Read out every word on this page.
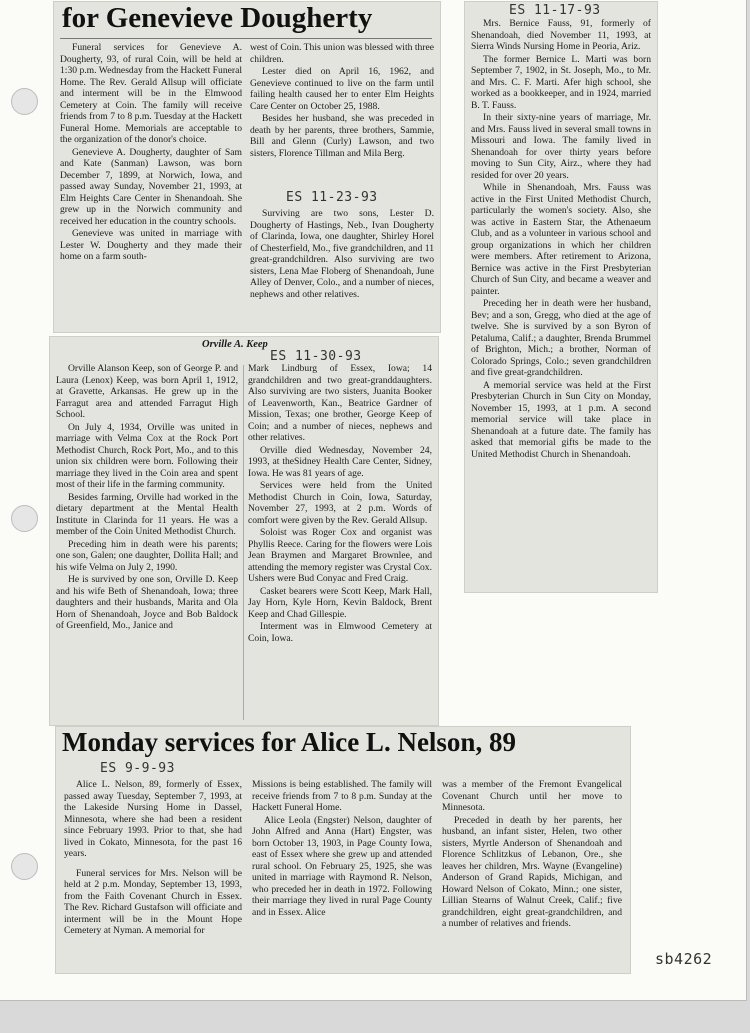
for Genevieve Dougherty

Funeral services for Genevieve A. Dougherty, 93, of rural Coin, will be held at 1:30 p.m. Wednesday from the Hackett Funeral Home. The Rev. Gerald Allsup will officiate and interment will be in the Elmwood Cemetery at Coin. The family will receive friends from 7 to 8 p.m. Tuesday at the Hackett Funeral Home. Memorials are acceptable to the organization of the donor's choice.

Genevieve A. Dougherty, daughter of Sam and Kate (Sanman) Lawson, was born December 7, 1899, at Norwich, Iowa, and passed away Sunday, November 21, 1993, at Elm Heights Care Center in Shenandoah. She grew up in the Norwich community and received her education in the country schools.

Genevieve was united in marriage with Lester W. Dougherty and they made their home on a farm south-

west of Coin. This union was blessed with three children.

Lester died on April 16, 1962, and Genevieve continued to live on the farm until failing health caused her to enter Elm Heights Care Center on October 25, 1988.

Besides her husband, she was preceded in death by her parents, three brothers, Sammie, Bill and Glenn (Curly) Lawson, and two sisters, Florence Tillman and Mila Berg.

ES 11-23-93

Surviving are two sons, Lester D. Dougherty of Hastings, Neb., Ivan Dougherty of Clarinda, Iowa, one daughter, Shirley Horel of Chesterfield, Mo., five grandchildren, and 11 great-grandchildren. Also surviving are two sisters, Lena Mae Floberg of Shenandoah, June Alley of Denver, Colo., and a number of nieces, nephews and other relatives.

ES 11-17-93

Mrs. Bernice Fauss, 91, formerly of Shenandoah, died November 11, 1993, at Sierra Winds Nursing Home in Peoria, Ariz.

The former Bernice L. Marti was born September 7, 1902, in St. Joseph, Mo., to Mr. and Mrs. C. F. Marti. Afer high school, she worked as a bookkeeper, and in 1924, married B. T. Fauss.

In their sixty-nine years of marriage, Mr. and Mrs. Fauss lived in several small towns in Missouri and Iowa. The family lived in Shenandoah for over thirty years before moving to Sun City, Airz., where they had resided for over 20 years.

While in Shenandoah, Mrs. Fauss was active in the First United Methodist Church, particularly the women's society. Also, she was active in Eastern Star, the Athenaeum Club, and as a volunteer in various school and group organizations in which her children were members. After retirement to Arizona, Bernice was active in the First Presbyterian Church of Sun City, and became a weaver and painter.

Preceding her in death were her husband, Bev; and a son, Gregg, who died at the age of twelve. She is survived by a son Byron of Petaluma, Calif.; a daughter, Brenda Brummel of Brighton, Mich.; a brother, Norman of Colorado Springs, Colo.; seven grandchildren and five great-grandchildren.

A memorial service was held at the First Presbyterian Church in Sun City on Monday, November 15, 1993, at 1 p.m. A second memorial service will take place in Shenandoah at a future date. The family has asked that memorial gifts be made to the United Methodist Church in Shenandoah.

Orville A. Keep
ES 11-30-93

Orville Alanson Keep, son of George P. and Laura (Lenox) Keep, was born April 1, 1912, at Gravette, Arkansas. He grew up in the Farragut area and attended Farragut High School.

On July 4, 1934, Orville was united in marriage with Velma Cox at the Rock Port Methodist Church, Rock Port, Mo., and to this union six children were born. Following their marriage they lived in the Coin area and spent most of their life in the farming community.

Besides farming, Orville had worked in the dietary department at the Mental Health Institute in Clarinda for 11 years. He was a member of the Coin United Methodist Church.

Preceding him in death were his parents; one son, Galen; one daughter, Dollita Hall; and his wife Velma on July 2, 1990.

He is survived by one son, Orville D. Keep and his wife Beth of Shenandoah, Iowa; three daughters and their husbands, Marita and Ola Horn of Shenandoah, Joyce and Bob Baldock of Greenfield, Mo., Janice and

Mark Lindburg of Essex, Iowa; 14 grandchildren and two great-granddaughters. Also surviving are two sisters, Juanita Booker of Leavenworth, Kan., Beatrice Gardner of Mission, Texas; one brother, George Keep of Coin; and a number of nieces, nephews and other relatives.

Orville died Wednesday, November 24, 1993, at theSidney Health Care Center, Sidney, Iowa. He was 81 years of age.

Services were held from the United Methodist Church in Coin, Iowa, Saturday, November 27, 1993, at 2 p.m. Words of comfort were given by the Rev. Gerald Allsup.

Soloist was Roger Cox and organist was Phyllis Reece. Caring for the flowers were Lois Jean Braymen and Margaret Brownlee, and attending the memory register was Crystal Cox. Ushers were Bud Conyac and Fred Craig.

Casket bearers were Scott Keep, Mark Hall, Jay Horn, Kyle Horn, Kevin Baldock, Brent Keep and Chad Gillespie.

Interment was in Elmwood Cemetery at Coin, Iowa.

Monday services for Alice L. Nelson, 89
ES 9-9-93

Alice L. Nelson, 89, formerly of Essex, passed away Tuesday, September 7, 1993, at the Lakeside Nursing Home in Dassel, Minnesota, where she had been a resident since February 1993. Prior to that, she had lived in Cokato, Minnesota, for the past 16 years.

Funeral services for Mrs. Nelson will be held at 2 p.m. Monday, September 13, 1993, from the Faith Covenant Church in Essex. The Rev. Richard Gustafson will officiate and interment will be in the Mount Hope Cemetery at Nyman. A memorial for

Missions is being established. The family will receive friends from 7 to 8 p.m. Sunday at the Hackett Funeral Home.

Alice Leola (Engster) Nelson, daughter of John Alfred and Anna (Hart) Engster, was born October 13, 1903, in Page County Iowa, east of Essex where she grew up and attended rural school. On February 25, 1925, she was united in marriage with Raymond R. Nelson, who preceded her in death in 1972. Following their marriage they lived in rural Page County and in Essex. Alice

was a member of the Fremont Evangelical Covenant Church until her move to Minnesota.

Preceded in death by her parents, her husband, an infant sister, Helen, two other sisters, Myrtle Anderson of Shenandoah and Florence Schlitzkus of Lebanon, Ore., she leaves her children, Mrs. Wayne (Evangeline) Anderson of Grand Rapids, Michigan, and Howard Nelson of Cokato, Minn.; one sister, Lillian Stearns of Walnut Creek, Calif.; five grandchildren, eight great-grandchildren, and a number of relatives and friends.

sb4262
